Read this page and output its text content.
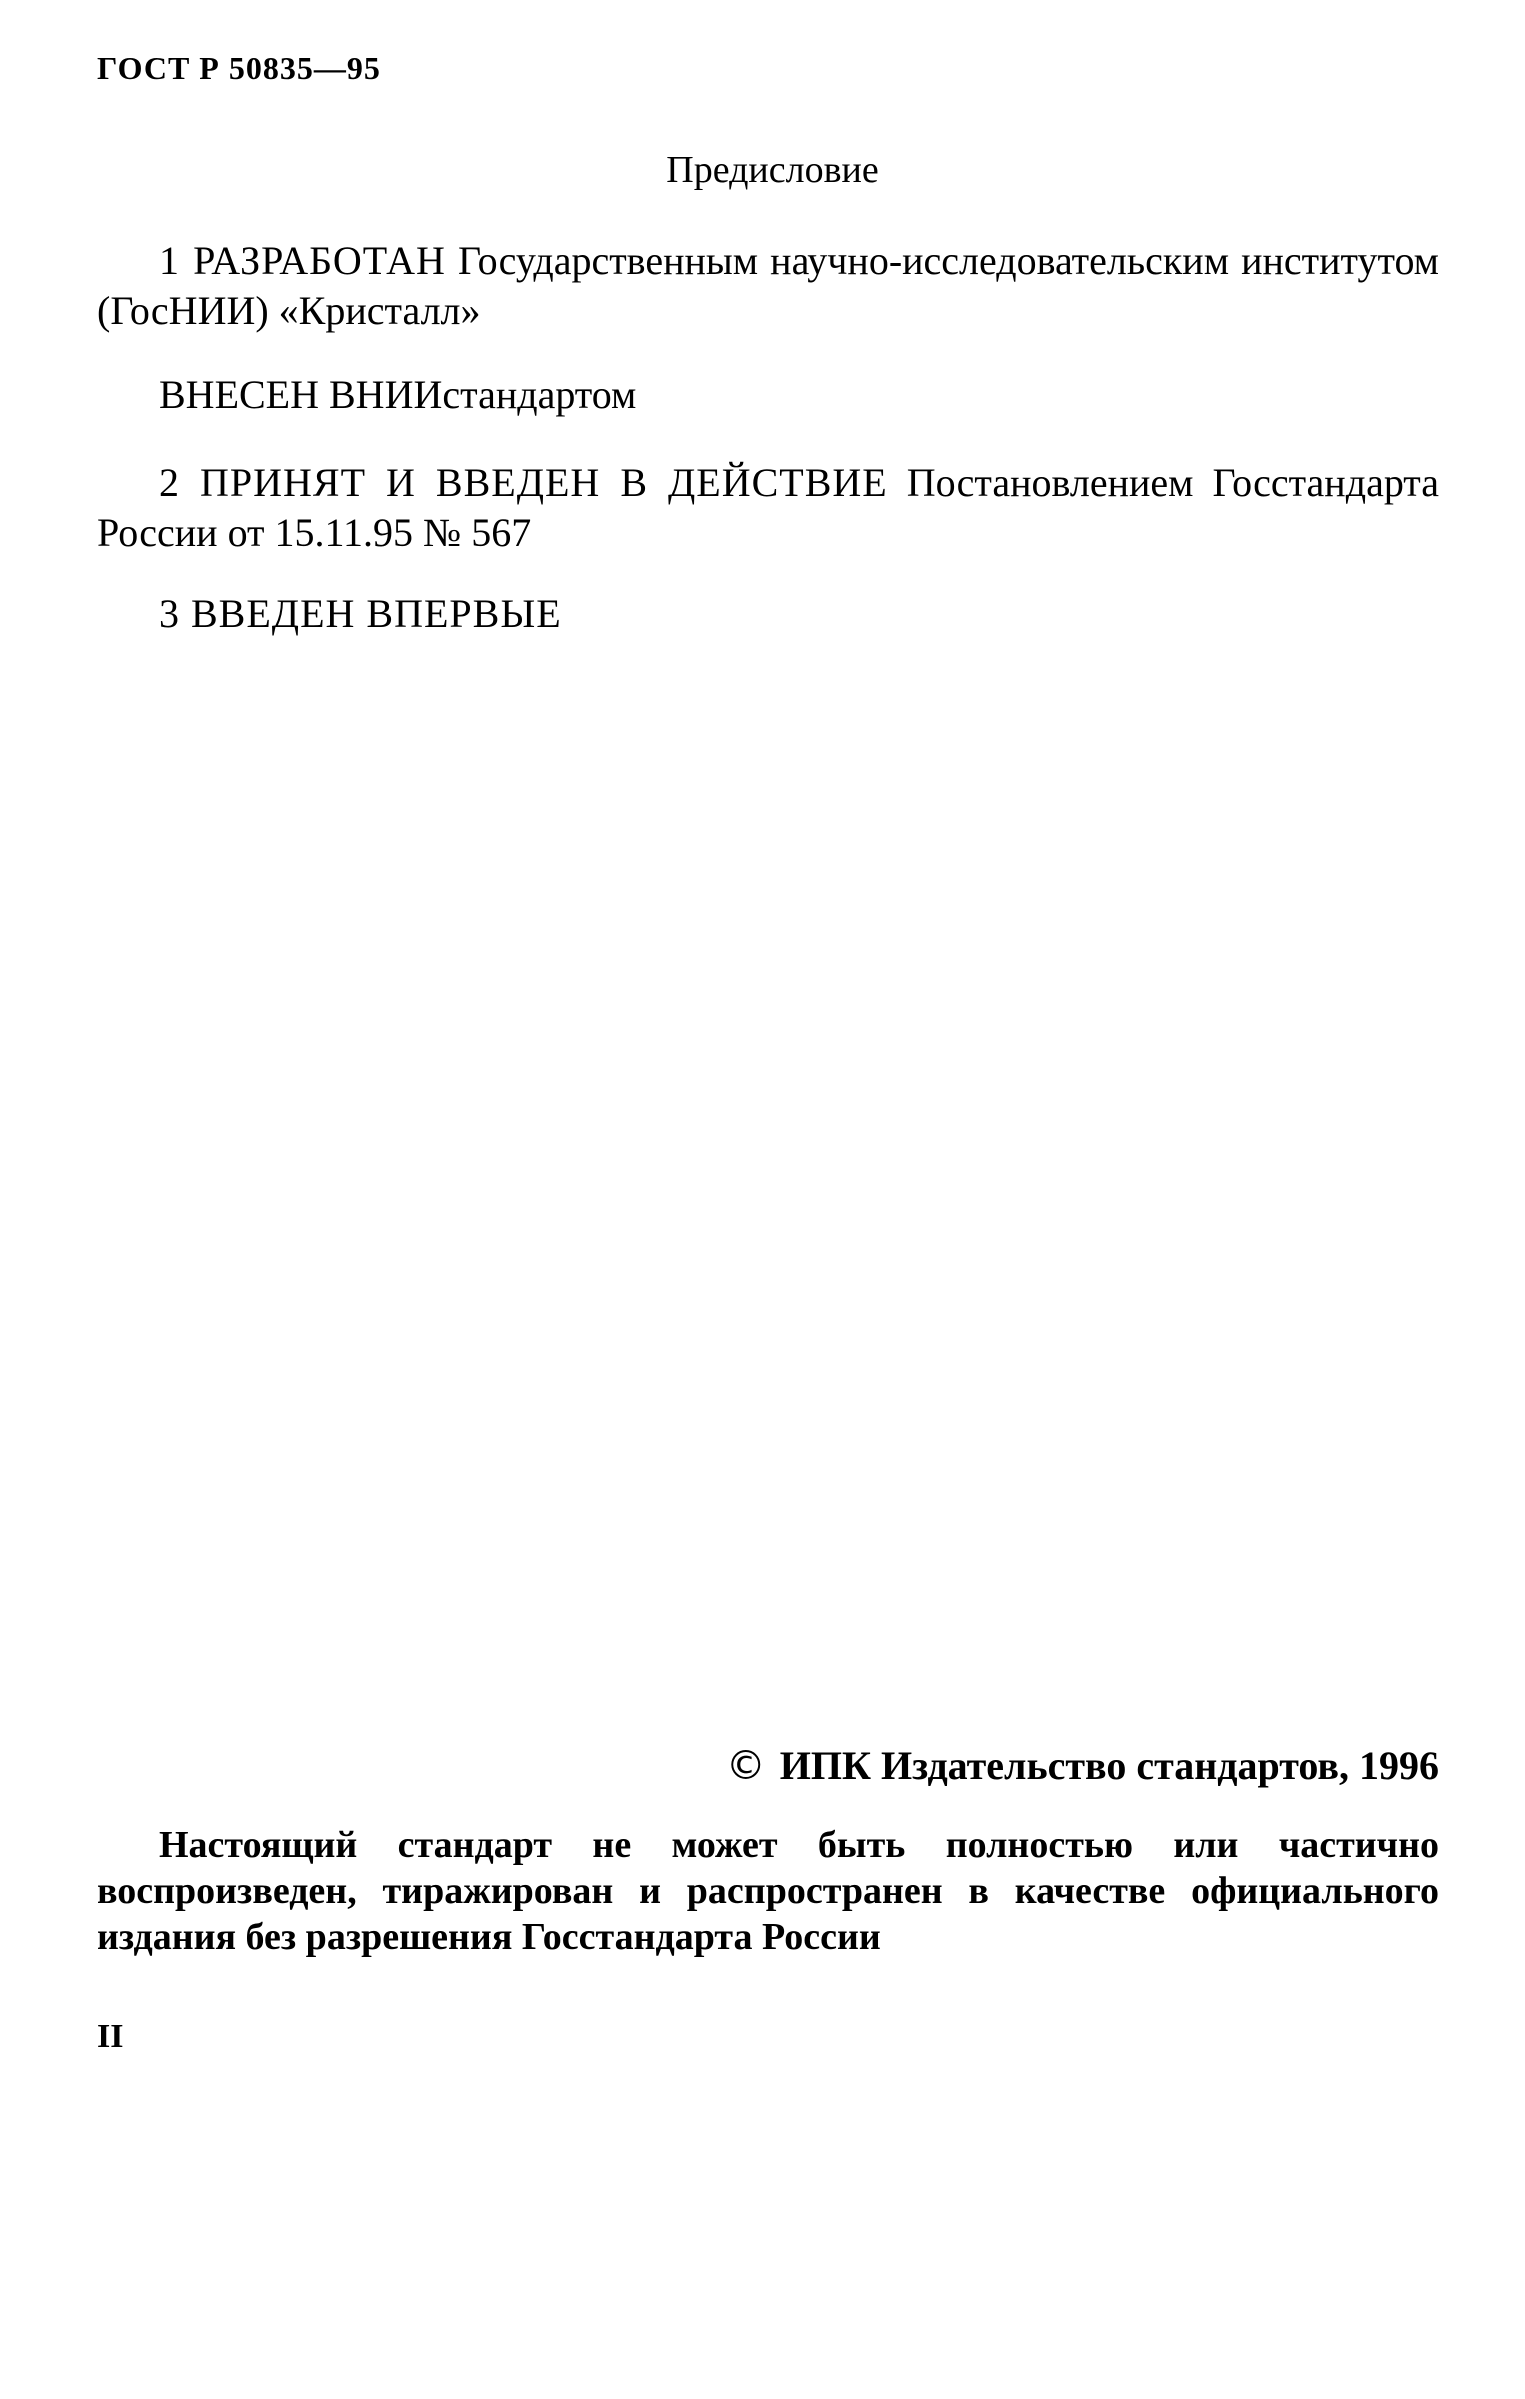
ГОСТ Р 50835—95
Предисловие
1 РАЗРАБОТАН Государственным научно-исследовательским институтом (ГосНИИ) «Кристалл»
ВНЕСЕН ВНИИстандартом
2 ПРИНЯТ И ВВЕДЕН В ДЕЙСТВИЕ Постановлением Госстандарта России от 15.11.95 № 567
3 ВВЕДЕН ВПЕРВЫЕ
© ИПК Издательство стандартов, 1996
Настоящий стандарт не может быть полностью или частично воспроизведен, тиражирован и распространен в качестве официального издания без разрешения Госстандарта России
II
